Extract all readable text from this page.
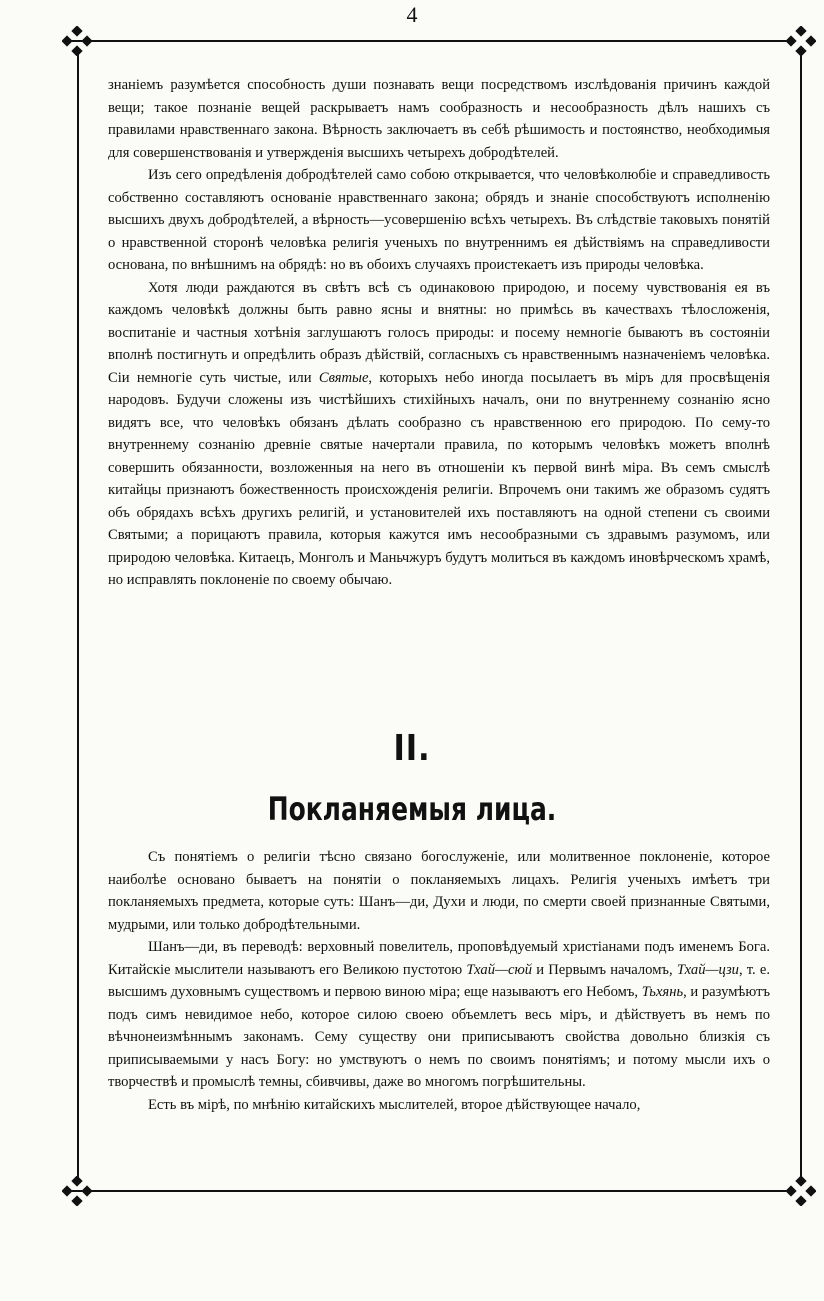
4

знаніемъ разумѣется способность души познавать вещи посредствомъ изслѣдованія причинъ каждой вещи; такое познаніе вещей раскрываетъ намъ сообразность и несообразность дѣлъ нашихъ съ правилами нравственнаго закона. Вѣрность заключаетъ въ себѣ рѣшимость и постоянство, необходимыя для совершенствованія и утвержденія высшихъ четырехъ добродѣтелей.

Изъ сего опредѣленія добродѣтелей само собою открывается, что человѣколюбіе и справедливость собственно составляютъ основаніе нравственнаго закона; обрядъ и знаніе способствуютъ исполненію высшихъ двухъ добродѣтелей, а вѣрность—усовершенію всѣхъ четырехъ. Въ слѣдствіе таковыхъ понятій о нравственной сторонѣ человѣка религія ученыхъ по внутреннимъ ея дѣйствіямъ на справедливости основана, по внѣшнимъ на обрядѣ: но въ обоихъ случаяхъ проистекаетъ изъ природы человѣка.

Хотя люди раждаются въ свѣтъ всѣ съ одинаковою природою, и посему чувствованія ея въ каждомъ человѣкѣ должны быть равно ясны и внятны: но примѣсь въ качествахъ тѣлосложенія, воспитаніе и частныя хотѣнія заглушаютъ голосъ природы: и посему немногіе бываютъ въ состояніи вполнѣ постигнуть и опредѣлить образъ дѣйствій, согласныхъ съ нравственнымъ назначеніемъ человѣка. Сіи немногіе суть чистые, или Святые, которыхъ небо иногда посылаетъ въ міръ для просвѣщенія народовъ. Будучи сложены изъ чистѣйшихъ стихійныхъ началъ, они по внутреннему сознанію ясно видятъ все, что человѣкъ обязанъ дѣлать сообразно съ нравственною его природою. По сему-то внутреннему сознанію древніе святые начертали правила, по которымъ человѣкъ можетъ вполнѣ совершить обязанности, возложенныя на него въ отношеніи къ первой винѣ міра. Въ семъ смыслѣ китайцы признаютъ божественность происхожденія религіи. Впрочемъ они такимъ же образомъ судятъ объ обрядахъ всѣхъ другихъ религій, и установителей ихъ поставляютъ на одной степени съ своими Святыми; а порицаютъ правила, которыя кажутся имъ несообразными съ здравымъ разумомъ, или природою человѣка. Китаецъ, Монголъ и Маньчжуръ будутъ молиться въ каждомъ иновѣрческомъ храмѣ, но исправлять поклоненіе по своему обычаю.

II.
Покланяемыя лица.

Съ понятіемъ о религіи тѣсно связано богослуженіе, или молитвенное поклоненіе, которое наиболѣе основано бываетъ на понятіи о покланяемыхъ лицахъ. Религія ученыхъ имѣетъ три покланяемыхъ предмета, которые суть: Шанъ—ди, Духи и люди, по смерти своей признанные Святыми, мудрыми, или только добродѣтельными.

Шанъ—ди, въ переводѣ: верховный повелитель, проповѣдуемый христіанами подъ именемъ Бога. Китайскіе мыслители называютъ его Великою пустотою Тхай—сюй и Первымъ началомъ, Тхай—цзи, т. е. высшимъ духовнымъ существомъ и первою виною міра; еще называютъ его Небомъ, Тьхянь, и разумѣютъ подъ симъ невидимое небо, которое силою своею объемлетъ весь міръ, и дѣйствуетъ въ немъ по вѣчнонеизмѣннымъ законамъ. Сему существу они приписываютъ свойства довольно близкія съ приписываемыми у насъ Богу: но умствуютъ о немъ по своимъ понятіямъ; и потому мысли ихъ о творчествѣ и промыслѣ темны, сбивчивы, даже во многомъ погрѣшительны.

Есть въ мірѣ, по мнѣнію китайскихъ мыслителей, второе дѣйствующее начало,
